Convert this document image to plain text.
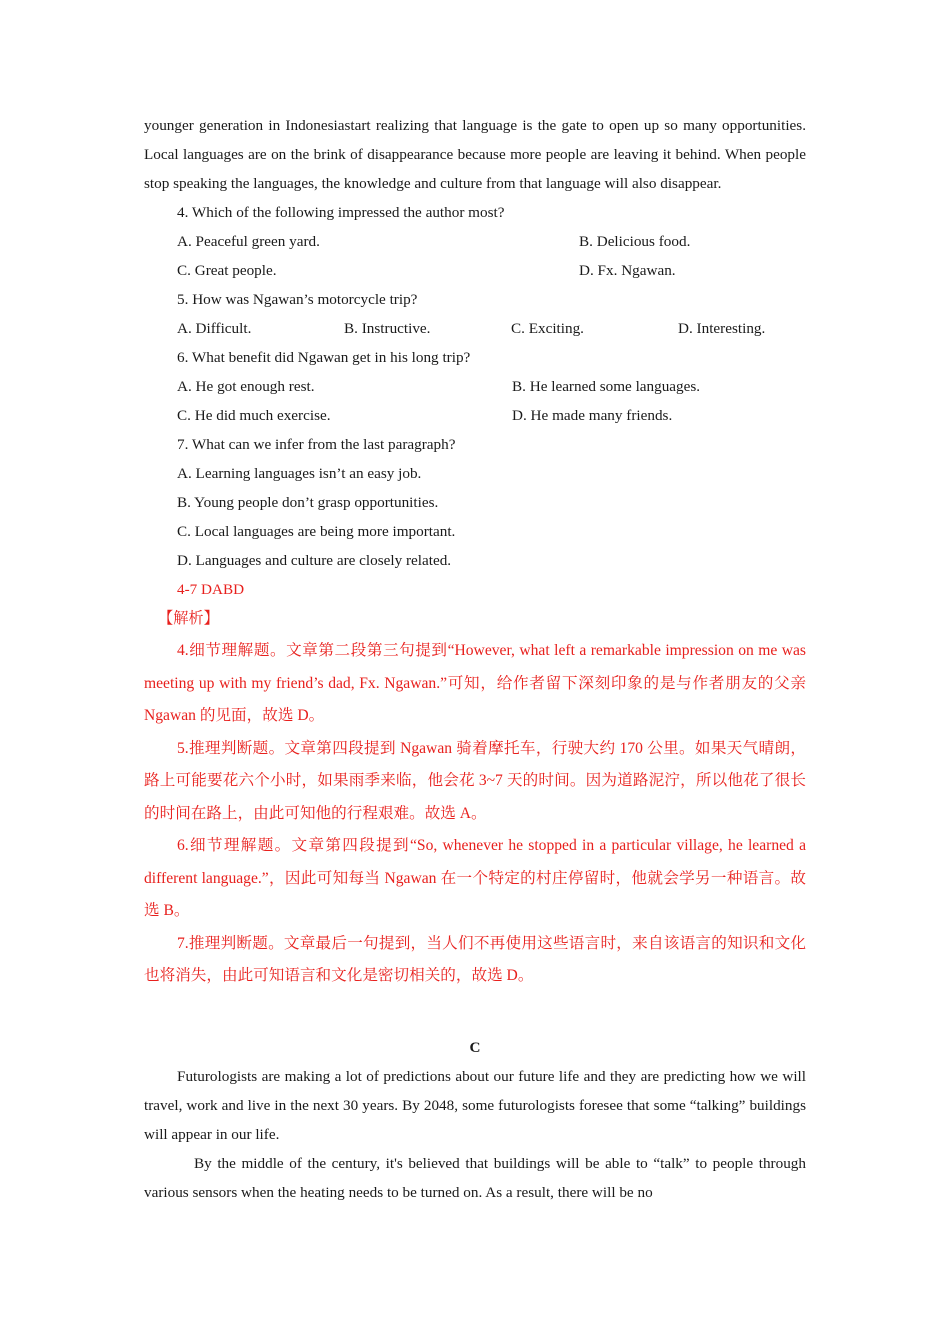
younger generation in Indonesiastart realizing that language is the gate to open up so many opportunities. Local languages are on the brink of disappearance because more people are leaving it behind. When people stop speaking the languages, the knowledge and culture from that language will also disappear.

4. Which of the following impressed the author most?

A. Peaceful green yard.	B. Delicious food.
C. Great people.	D. Fx. Ngawan.

5. How was Ngawan’s motorcycle trip?

A. Difficult.	B. Instructive.	C. Exciting.	D. Interesting.

6. What benefit did Ngawan get in his long trip?

A. He got enough rest.	B. He learned some languages.
C. He did much exercise.	D. He made many friends.

7. What can we infer from the last paragraph?

A. Learning languages isn’t an easy job.

B. Young people don’t grasp opportunities.

C. Local languages are being more important.

D. Languages and culture are closely related.

4-7 DABD

【解析】

4.细节理解题。文章第二段第三句提到“However, what left a remarkable impression on me was meeting up with my friend’s dad, Fx. Ngawan.”可知，给作者留下深刻印象的是与作者朋友的父亲 Ngawan 的见面，故选 D。

5.推理判断题。文章第四段提到 Ngawan 骑着摩托车，行驶大约 170 公里。如果天气晴朗，路上可能要花六个小时，如果雨季来临，他会花 3~7 天的时间。因为道路泥泞，所以他花了很长的时间在路上，由此可知他的行程艰难。故选 A。

6.细节理解题。文章第四段提到“So, whenever he stopped in a particular village, he learned a different language.”，因此可知每当 Ngawan 在一个特定的村庄停留时，他就会学另一种语言。故选 B。

7.推理判断题。文章最后一句提到，当人们不再使用这些语言时，来自该语言的知识和文化也将消失，由此可知语言和文化是密切相关的，故选 D。

C

Futurologists are making a lot of predictions about our future life and they are predicting how we will travel, work and live in the next 30 years. By 2048, some futurologists foresee that some “talking” buildings will appear in our life.

By the middle of the century, it's believed that buildings will be able to “talk” to people through various sensors when the heating needs to be turned on. As a result, there will be no
